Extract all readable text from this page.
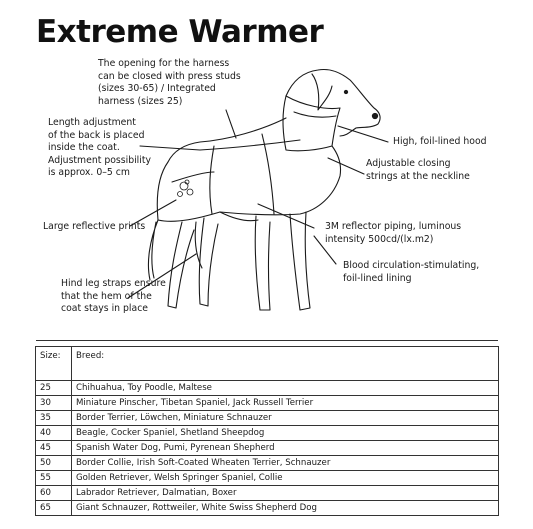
Extreme Warmer
The opening for the harness
can be closed with press studs
(sizes 30-65) / Integrated
harness (sizes 25)
Length adjustment
of the back is placed
inside the coat.
Adjustment possibility
is approx. 0–5 cm
High, foil-lined hood
Adjustable closing
strings at the neckline
Large reflective prints	3M reflector piping, luminous
intensity 500cd/(lx.m2)
Blood circulation-stimulating,
foil-lined lining
Hind leg straps ensure
that the hem of the
coat stays in place
Size:	Breed:
25	Chihuahua, Toy Poodle, Maltese
30	Miniature Pinscher, Tibetan Spaniel, Jack Russell Terrier
35	Border Terrier, Löwchen, Miniature Schnauzer
40	Beagle, Cocker Spaniel, Shetland Sheepdog
45	Spanish Water Dog, Pumi, Pyrenean Shepherd
50	Border Collie, Irish Soft-Coated Wheaten Terrier, Schnauzer
55	Golden Retriever, Welsh Springer Spaniel, Collie
60	Labrador Retriever, Dalmatian, Boxer
65	Giant Schnauzer, Rottweiler, White Swiss Shepherd Dog
